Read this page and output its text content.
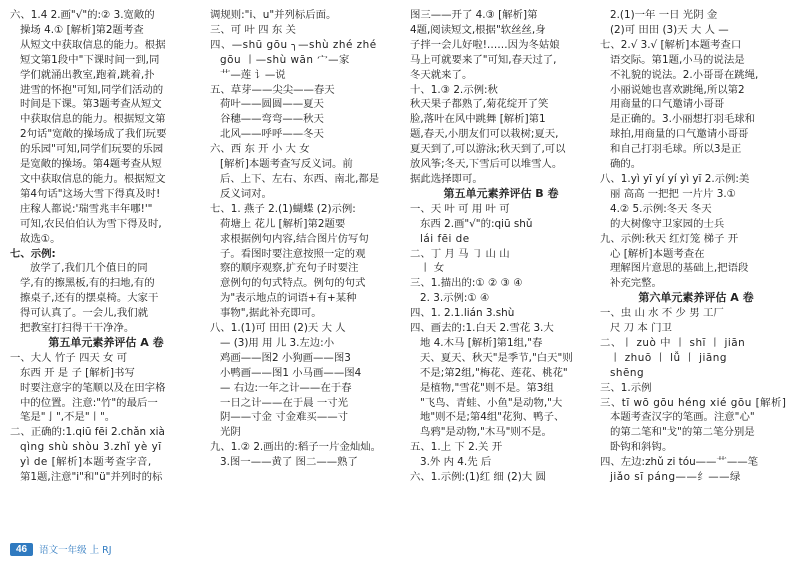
六、1.4 2.画"√"的:② 3.宽敞的
操场 4.① [解析]第2题考查
从短文中获取信息的能力。根据
短文第1段中"下课时间一到,同
学们就涌出教室,跑着,跳着,扑
进雪的怀抱"可知,同学们活动的
时间是下课。第3题考查从短文
中获取信息的能力。根据短文第
2句话"宽敞的操场成了我们玩要
的乐园"可知,同学们玩要的乐园
是宽敞的操场。第4题考查从短
文中获取信息的能力。根据短文
第4句话"这场大雪下得真及时!
庄稼人都说:'瑞雪兆丰年哪!'"
可知,农民伯伯认为雪下得及时,
故选①。
七、示例:
放学了,我们几个值日的同
学,有的擦黑板,有的扫地,有的
擦桌子,还有的摆桌椅。大家干
得可认真了。一会儿,我们就
把教室打扫得干干净净。
第五单元素养评估 A 卷
一、大人 竹子 四天 女 可
东西 开 是 子 [解析]书写
时要注意字的笔顺以及在田字格
中的位置。注意:"竹"的最后一
笔是"亅",不是"丨"。
二、正确的:1.qiū fēi 2.chǎn xià
qìng shù shòu 3.zhǐ yè yī
yì de [解析]本题考查字音,
第1题,注意"i"和"ü"并列时的标
调规则:"i、u"并列标后面。
三、可 叶 四 东 关
四、—shū gōu ╮—shù zhé zhé
gōu 丨—shù wān 宀—家
艹—莲 讠—说
五、草芽——尖尖——春天
荷叶——圆圆——夏天
谷穗——弯弯——秋天
北风——呼呼——冬天
六、西 东 开 小 大 女
[解析]本题考查写反义词。前
后、上下、左右、东西、南北,都是
反义词对。
七、1. 燕子 2.(1)蝴蝶 (2)示例:
荷塘上 花儿 [解析]第2题要
求根据例句内容,结合图片仿写句
子。看图时要注意按照一定的观
察的顺序观察,扩充句子时要注
意例句的句式特点。例句的句式
为"表示地点的词语+有+某种
事物",据此补充即可。
八、1.(1)可 田田 (2)天 大 人
— (3)用 用 儿 3.左边:小
鸡画——图2 小狗画——图3
小鸭画——图1 小马画——图4
— 右边:一年之计——在于春
一日之计——在于晨 一寸光
阴——寸金 寸金难买——寸
光阴
九、1.② 2.画出的:稻子一片金灿灿。
3.图一——黄了 图二——熟了
图三——开了 4.③ [解析]第
4题,阅读短文,根据"软丝丝,身
子拌一会儿好啦!……因为冬姑娘
马上可就要来了"可知,春天过了,
冬天就来了。
十、1.③ 2.示例:秋
秋天果子都熟了,菊花绽开了笑
脸,落叶在风中跳舞 [解析]第1
题,春天,小朋友们可以栽树;夏天,
夏天到了,可以游泳;秋天到了,可以
放风筝;冬天,下雪后可以堆雪人。
据此选择即可。
第五单元素养评估 B 卷
一、天 叶 可 用 叶 可
东西 2.画"√"的:qiū shǔ
lái fēi de
二、丁 月 马 ㇆ 山 山
丨 女
三、1.描出的:① ② ③ ④
2. 3.示例:① ④
四、1. 2.1.lián 3.shù
四、画去的:1.白天 2.雪花 3.大
地 4.木马 [解析]第1组,"春
天、夏天、秋天"是季节,"白天"则
不是;第2组,"梅花、莲花、桃花"
是植物,"雪花"则不是。第3组
"飞鸟、青蛙、小鱼"是动物,"大
地"则不是;第4组"花狗、鸭子、
鸟鸦"是动物,"木马"则不是。
五、1.上 下 2.关 开
3.外 内 4.先 后
六、1.示例:(1)红 细 (2)大 圆
2.(1)一年 一日 光阴 金
(2)可 田田 (3)天 大 人 —
七、2.√ 3.√ [解析]本题考查口
语交际。第1题,小马的说法是
不礼貌的说法。2.小哥哥在跳绳,
小丽说她也喜欢跳绳,所以第2
用商量的口气邀请小哥哥
是正确的。3.小丽想打羽毛球和
球拍,用商量的口气邀请小哥哥
和自己打羽毛球。所以3是正
确的。
八、1.yì yī yí yí yì yī 2.示例:美
丽 高高 一把把 一片片 3.①
4.② 5.示例:冬天 冬天
的大树像守卫家园的士兵
九、示例:秋天 红灯笼 梯子 开
心 [解析]本题考查在
理解图片意思的基础上,把语段
补充完整。
第六单元素养评估 A 卷
一、虫 山 水 不 少 男 工厂
尺 刀 本 门卫
二、丨 zuò 中 丨 shī 丨 jiān
丨 zhuō 丨 lǚ 丨 jiāng
shēng
三、1.示例
三、tī wō gōu héng xié gōu [解析]
本题考查汉字的笔画。注意"心"
的第二笔和"戈"的第二笔分别是
卧钩和斜钩。
四、左边:zhǔ zi tóu——艹——笔
jiǎo sī páng——纟——绿
46	语文一年级 上 RJ
